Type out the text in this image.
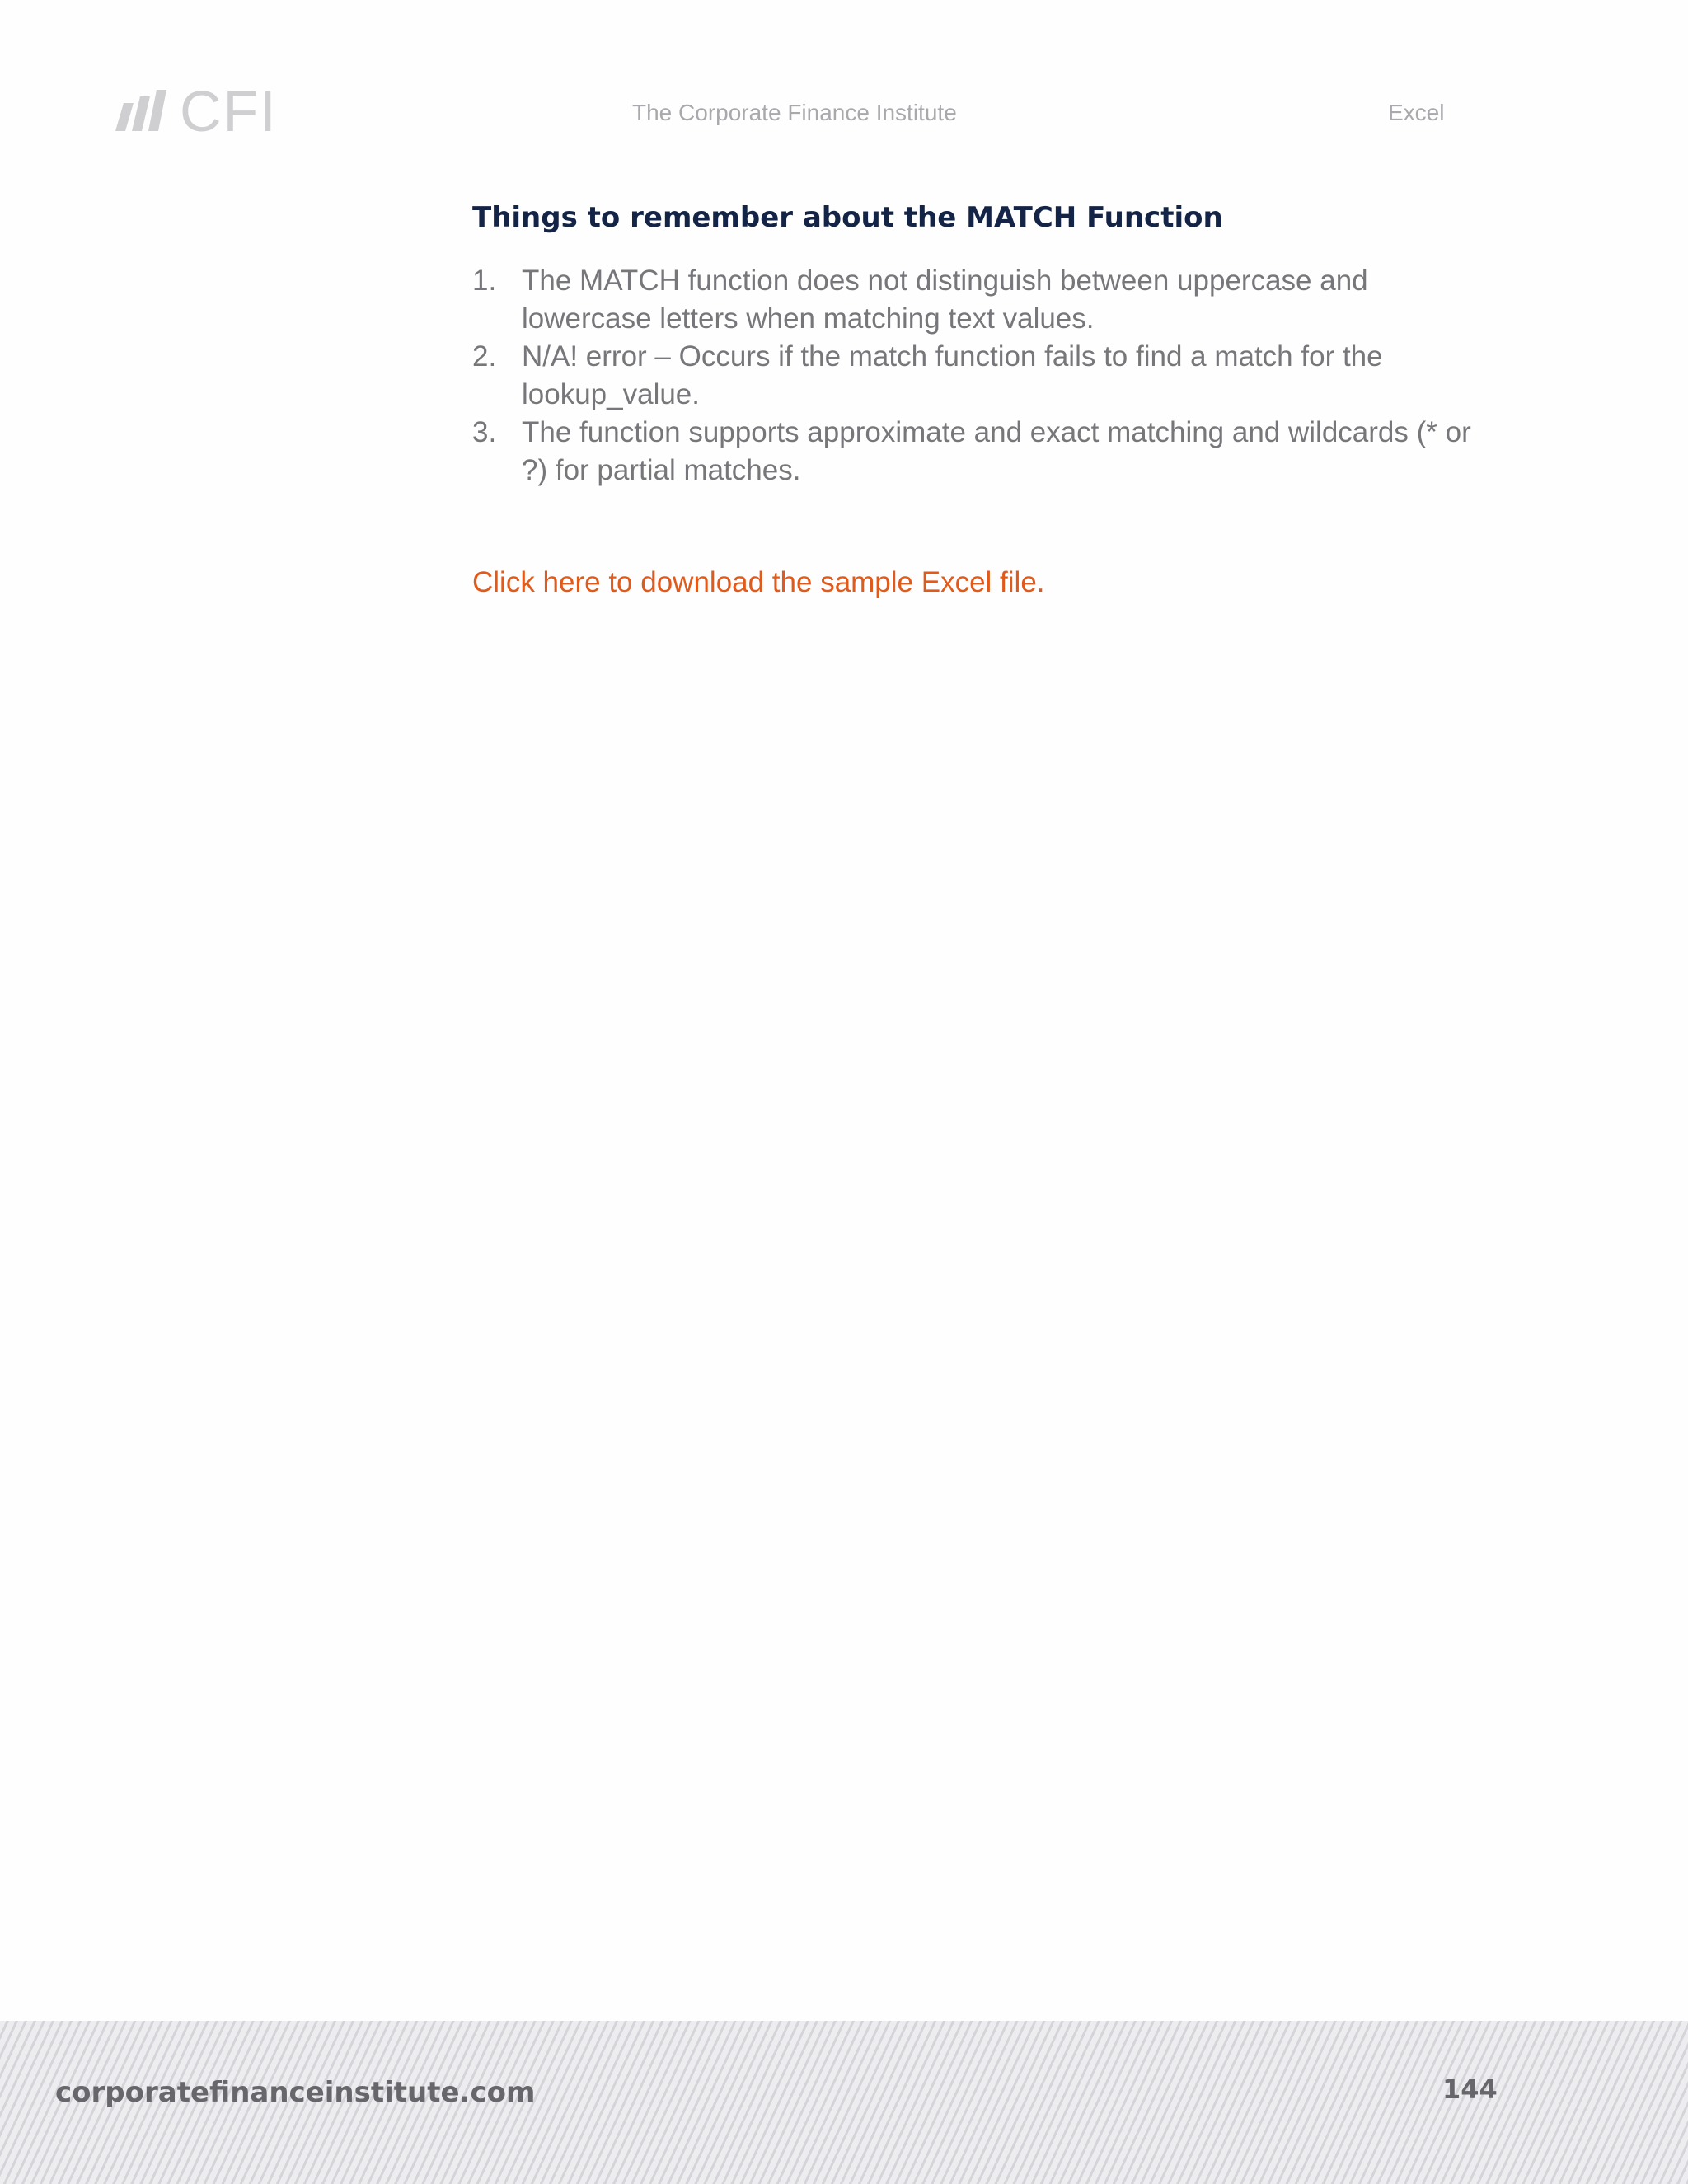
CFI	The Corporate Finance Institute	Excel
Things to remember about the MATCH Function
1. The MATCH function does not distinguish between uppercase and lowercase letters when matching text values.
2. N/A! error – Occurs if the match function fails to find a match for the lookup_value.
3. The function supports approximate and exact matching and wildcards (* or ?) for partial matches.
Click here to download the sample Excel file.
corporatefinanceinstitute.com	144
